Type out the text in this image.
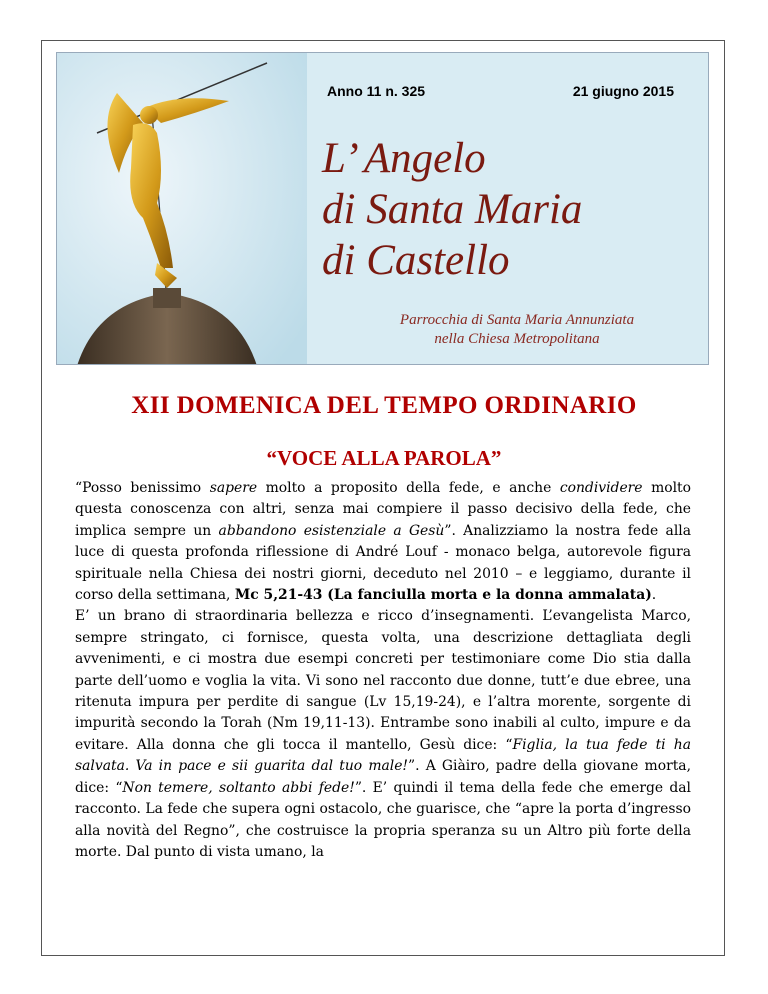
Anno 11 n. 325	21 giugno 2015
L’ Angelo
di Santa Maria
di Castello
Parrocchia di Santa Maria Annunziata
nella Chiesa Metropolitana
XII DOMENICA DEL TEMPO ORDINARIO
“VOCE ALLA PAROLA”

“Posso benissimo sapere molto a proposito della fede, e anche condividere molto questa conoscenza con altri, senza mai compiere il passo decisivo della fede, che implica sempre un abbandono esistenziale a Gesù”. Analizziamo la nostra fede alla luce di questa profonda riflessione di André Louf - monaco belga, autorevole figura spirituale nella Chiesa dei nostri giorni, deceduto nel 2010 – e leggiamo, durante il corso della settimana, Mc 5,21-43 (La fanciulla morta e la donna ammalata).

E’ un brano di straordinaria bellezza e ricco d’insegnamenti. L’evangelista Marco, sempre stringato, ci fornisce, questa volta, una descrizione dettagliata degli avvenimenti, e ci mostra due esempi concreti per testimoniare come Dio stia dalla parte dell’uomo e voglia la vita. Vi sono nel racconto due donne, tutt’e due ebree, una ritenuta impura per perdite di sangue (Lv 15,19-24), e l’altra morente, sorgente di impurità secondo la Torah (Nm 19,11-13). Entrambe sono inabili al culto, impure e da evitare. Alla donna che gli tocca il mantello, Gesù dice: “Figlia, la tua fede ti ha salvata. Va in pace e sii guarita dal tuo male!”. A Giàiro, padre della giovane morta, dice: “Non temere, soltanto abbi fede!”. E’ quindi il tema della fede che emerge dal racconto. La fede che supera ogni ostacolo, che guarisce, che “apre la porta d’ingresso alla novità del Regno”, che costruisce la propria speranza su un Altro più forte della morte. Dal punto di vista umano, la
